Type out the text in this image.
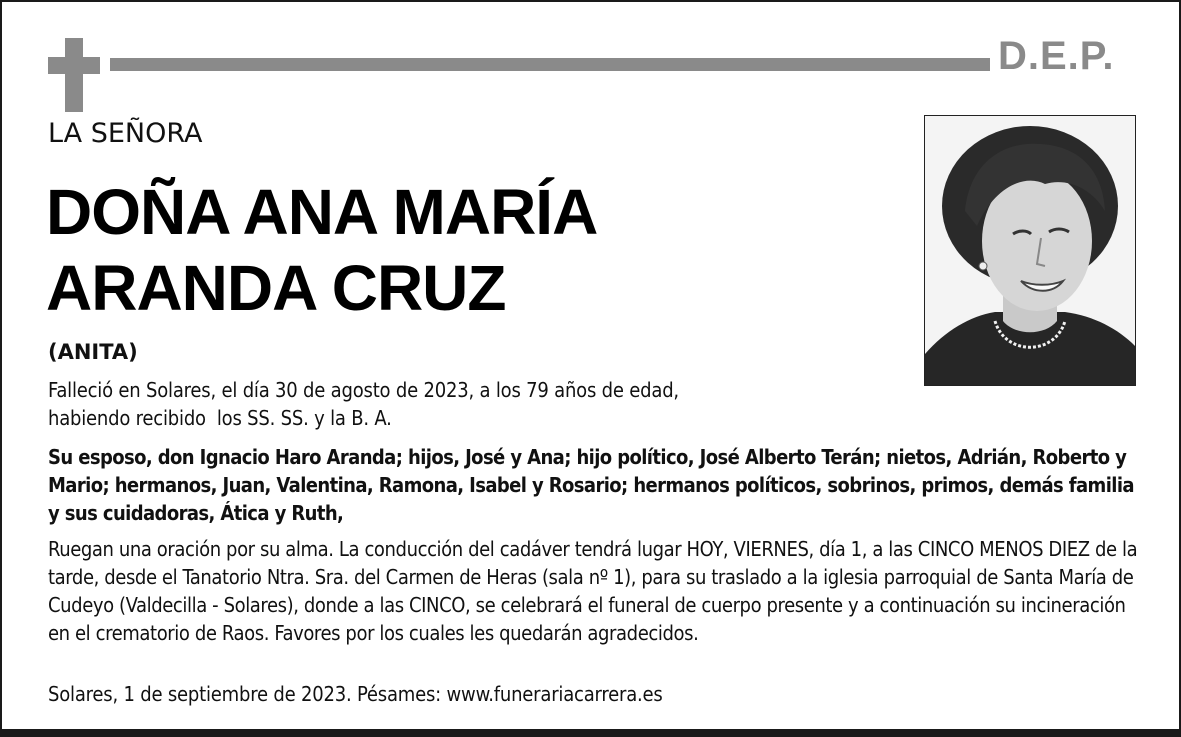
D.E.P.
LA SEÑORA
DOÑA ANA MARÍA
ARANDA CRUZ
(ANITA)
Falleció en Solares, el día 30 de agosto de 2023, a los 79 años de edad,
habiendo recibido  los SS. SS. y la B. A.
Su esposo, don Ignacio Haro Aranda; hijos, José y Ana; hijo político, José Alberto Terán; nietos, Adrián, Roberto y Mario; hermanos, Juan, Valentina, Ramona, Isabel y Rosario; hermanos políticos, sobrinos, primos, demás familia y sus cuidadoras, Ática y Ruth,
Ruegan una oración por su alma. La conducción del cadáver tendrá lugar HOY, VIERNES, día 1, a las CINCO MENOS DIEZ de la tarde, desde el Tanatorio Ntra. Sra. del Carmen de Heras (sala nº 1), para su traslado a la iglesia parroquial de Santa María de Cudeyo (Valdecilla - Solares), donde a las CINCO, se celebrará el funeral de cuerpo presente y a continuación su incineración en el crematorio de Raos. Favores por los cuales les quedarán agradecidos.
Solares, 1 de septiembre de 2023. Pésames: www.funerariacarrera.es
